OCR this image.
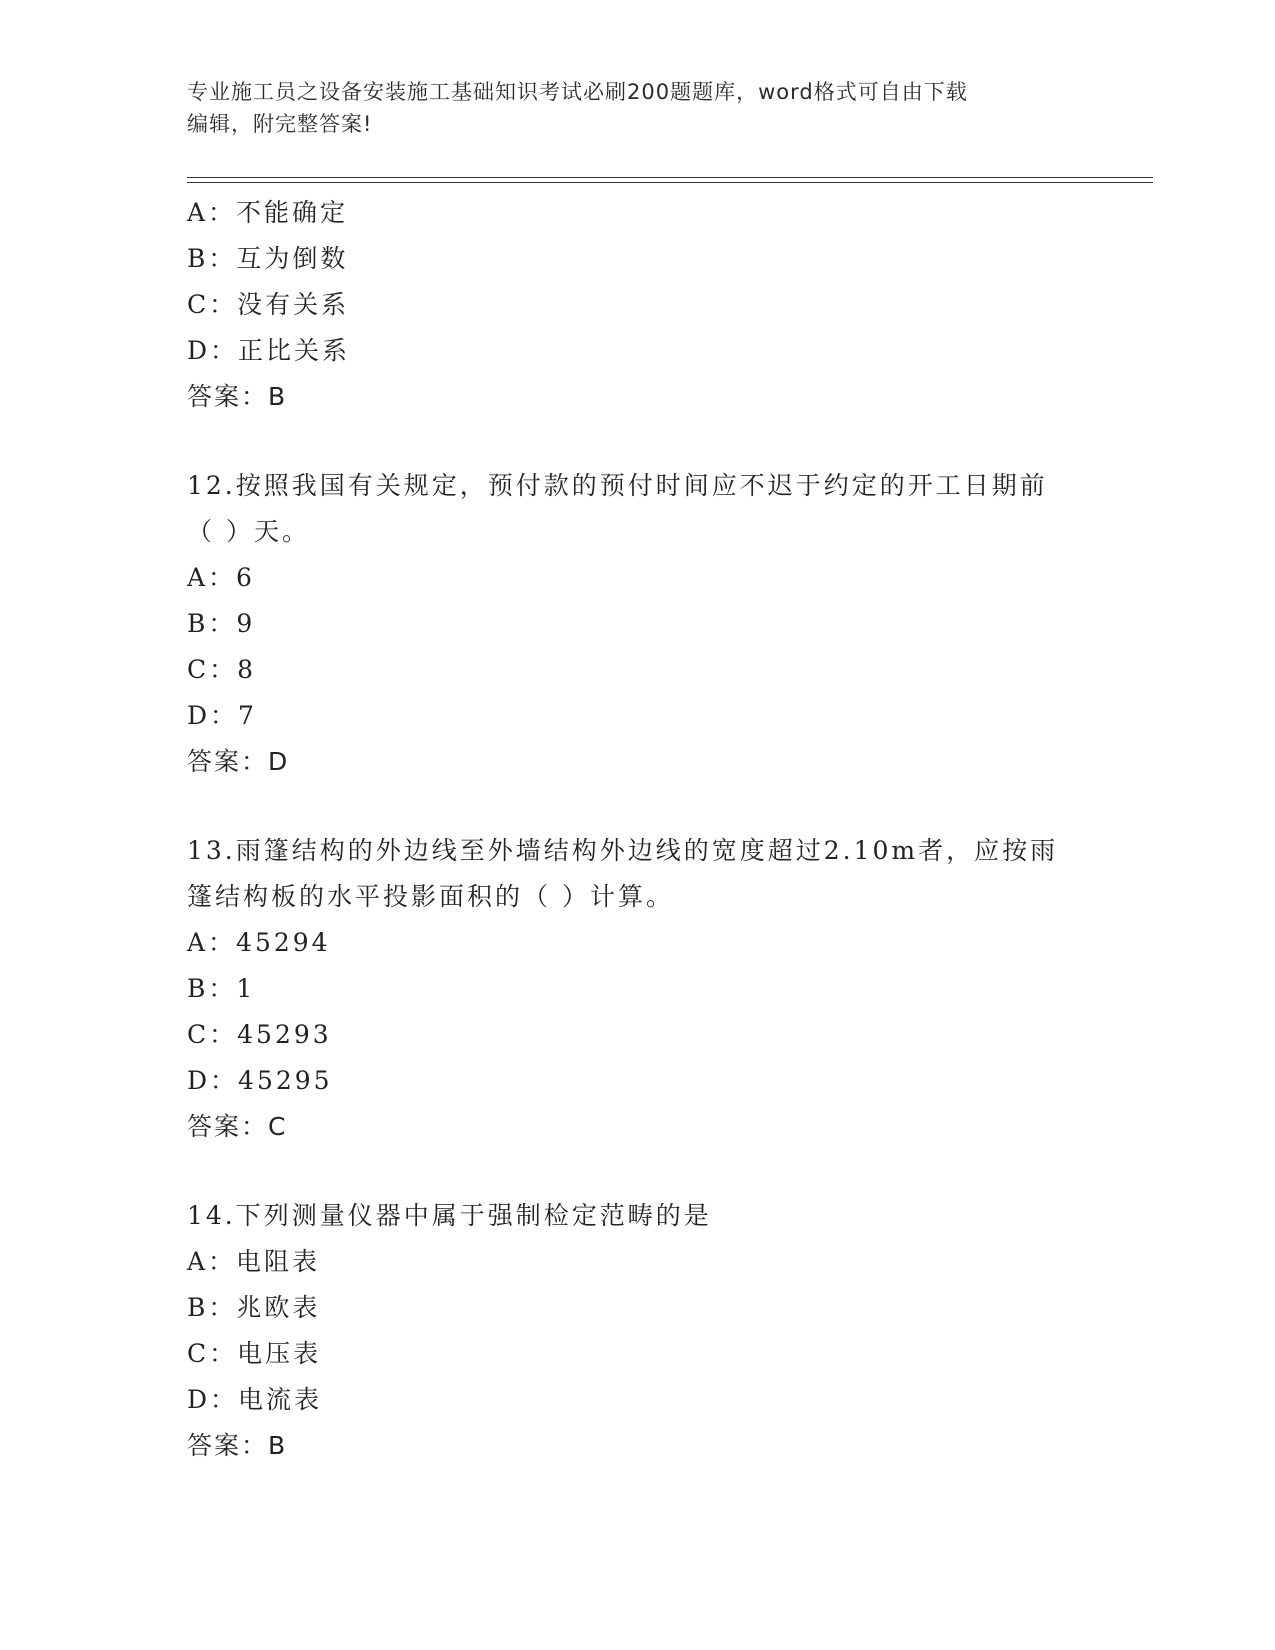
专业施工员之设备安装施工基础知识考试必刷200题题库，word格式可自由下载
编辑，附完整答案!
A：不能确定
B：互为倒数
C：没有关系
D：正比关系
答案：B
12.按照我国有关规定，预付款的预付时间应不迟于约定的开工日期前
（ ）天。
A：6
B：9
C：8
D：7
答案：D
13.雨篷结构的外边线至外墙结构外边线的宽度超过2.10m者，应按雨
篷结构板的水平投影面积的（ ）计算。
A：45294
B：1
C：45293
D：45295
答案：C
14.下列测量仪器中属于强制检定范畴的是
A：电阻表
B：兆欧表
C：电压表
D：电流表
答案：B
